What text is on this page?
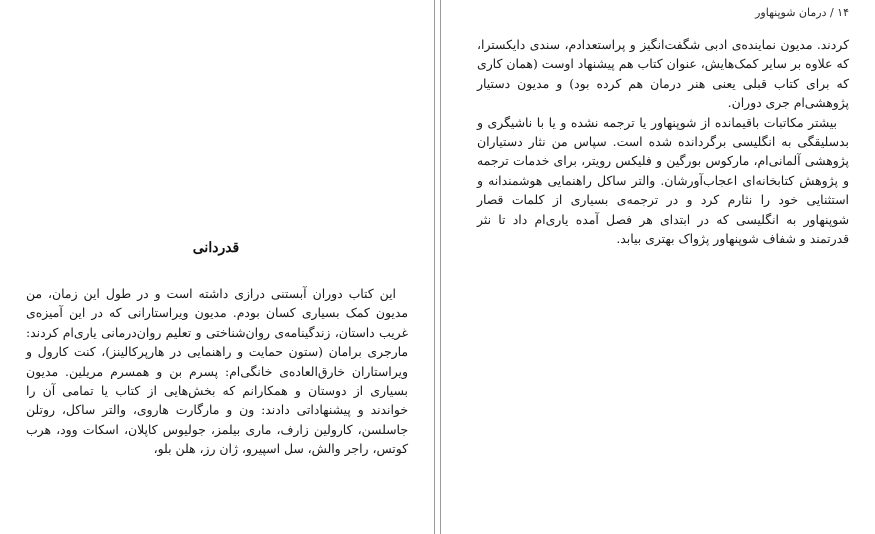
قدردانی

این کتاب دوران آبستنی درازی داشته است و در طول این زمان، من مدیون کمک بسیاری کسان بودم. مدیون ویراستارانی که در این آمیزه‌ی غریب داستان، زندگینامه‌ی روان‌شناختی و تعلیم روان‌درمانی یاری‌ام کردند: مارجری برامان (ستون حمایت و راهنمایی در هارپرکالینز)، کنت کارول و ویراستاران خارق‌العاده‌ی خانگی‌ام: پسرم بن و همسرم مریلین. مدیون بسیاری از دوستان و همکارانم که بخش‌هایی از کتاب یا تمامی آن را خواندند و پیشنهاداتی دادند: ون و مارگارت هاروی، والتر ساکل، روتلن جاسلسن، کارولین زارف، ماری بیلمز، جولیوس کاپلان، اسکات وود، هرب کوتس، راجر والش، سل اسپیرو، ژان رز، هلن بلو،

۱۴ / درمان شوپنهاور

کردند. مدیون نماینده‌ی ادبی شگفت‌انگیز و پراستعدادم، سندی دایکسترا، که علاوه بر سایر کمک‌هایش، عنوان کتاب هم پیشنهاد اوست (همان کاری که برای کتاب قبلی یعنی هنر درمان هم کرده بود) و مدیون دستیار پژوهشی‌ام جری دوران.

بیشتر مکاتبات باقیمانده از شوپنهاور یا ترجمه نشده و یا با ناشیگری و بدسلیقگی به انگلیسی برگردانده شده است. سپاس من نثار دستیاران پژوهشی آلمانی‌ام، مارکوس بورگین و فلیکس رویتر، برای خدمات ترجمه و پژوهش کتابخانه‌ای اعجاب‌آورشان. والتر ساکل راهنمایی هوشمندانه و استثنایی خود را نثارم کرد و در ترجمه‌ی بسیاری از کلمات قصار شوپنهاور به انگلیسی که در ابتدای هر فصل آمده یاری‌ام داد تا نثر قدرتمند و شفاف شوپنهاور پژواک بهتری بیابد.
